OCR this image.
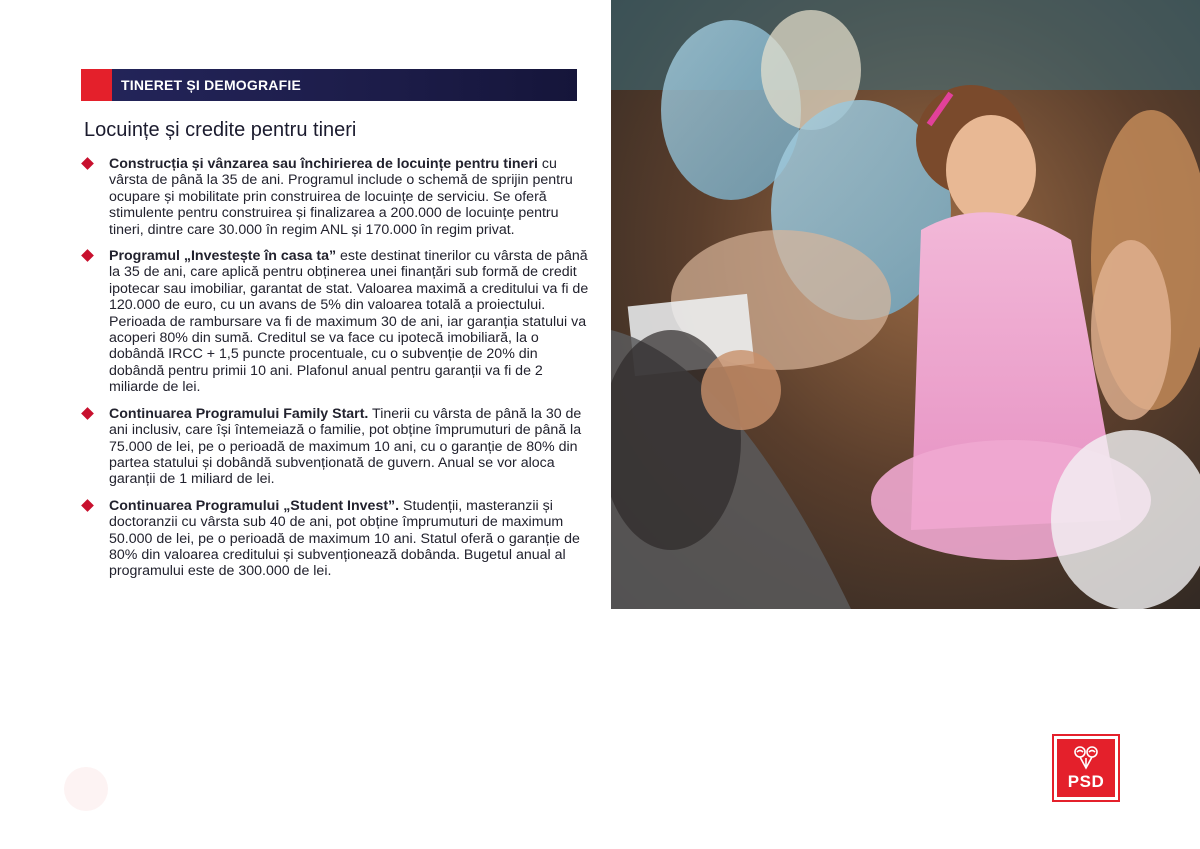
TINERET ȘI DEMOGRAFIE
Locuințe și credite pentru tineri
Construcția și vânzarea sau închirierea de locuințe pentru tineri cu vârsta de până la 35 de ani. Programul include o schemă de sprijin pentru ocupare și mobilitate prin construirea de locuințe de serviciu. Se oferă stimulente pentru construirea și finalizarea a 200.000 de locuințe pentru tineri, dintre care 30.000 în regim ANL și 170.000 în regim privat.
Programul „Investește în casa ta” este destinat tinerilor cu vârsta de până la 35 de ani, care aplică pentru obținerea unei finanțări sub formă de credit ipotecar sau imobiliar, garantat de stat. Valoarea maximă a creditului va fi de 120.000 de euro, cu un avans de 5% din valoarea totală a proiectului. Perioada de rambursare va fi de maximum 30 de ani, iar garanția statului va acoperi 80% din sumă. Creditul se va face cu ipotecă imobiliară, la o dobândă IRCC + 1,5 puncte procentuale, cu o subvenție de 20% din dobândă pentru primii 10 ani. Plafonul anual pentru garanții va fi de 2 miliarde de lei.
Continuarea Programului Family Start. Tinerii cu vârsta de până la 30 de ani inclusiv, care își întemeiază o familie, pot obține împrumuturi de până la 75.000 de lei, pe o perioadă de maximum 10 ani, cu o garanție de 80% din partea statului și dobândă subvenționată de guvern. Anual se vor aloca garanții de 1 miliard de lei.
Continuarea Programului „Student Invest”. Studenții, masteranzii și doctoranzii cu vârsta sub 40 de ani, pot obține împrumuturi de maximum 50.000 de lei, pe o perioadă de maximum 10 ani. Statul oferă o garanție de 80% din valoarea creditului și subvenționează dobânda. Bugetul anual al programului este de 300.000 de lei.
PSD
